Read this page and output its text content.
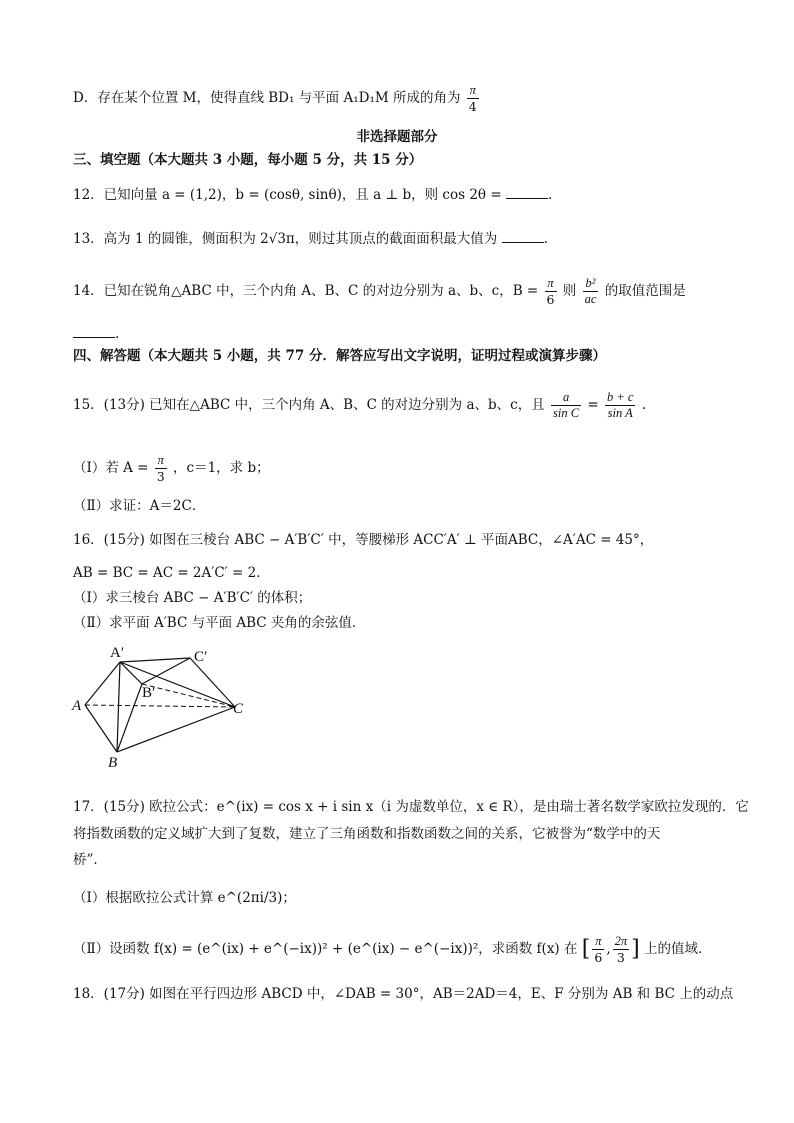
D．存在某个位置 M，使得直线 BD₁ 与平面 A₁D₁M 所成的角为 $\frac{\pi}{4}$
非选择题部分
三、填空题（本大题共 3 小题，每小题 5 分，共 15 分）
12．已知向量 a = (1,2)，b = (cosθ, sinθ)，且 a ⊥ b，则 cos 2θ =	.
13．高为 1 的圆锥，侧面积为 2√3π，则过其顶点的截面面积最大值为	.
14．已知在锐角△ABC 中，三个内角 A、B、C 的对边分别为 a、b、c，$B = \frac{\pi}{6}$ 则 $\frac{\text{b²}}{ac}$ 的取值范围是
.
四、解答题（本大题共 5 小题，共 77 分．解答应写出文字说明，证明过程或演算步骤）
15．(13分) 已知在△ABC 中，三个内角 A、B、C 的对边分别为 a、b、c，且 $\frac{a}{\text{sin C}} = \frac{b + c}{\text{sin A}}$ .
（Ⅰ）若 $A = \frac{\pi}{3}$ ，c＝1，求 b；
（Ⅱ）求证：A＝2C．
16．(15分) 如图在三棱台 ABC − A′B′C′ 中，等腰梯形 ACC′A′ ⊥ 平面ABC，∠A′AC = 45°，
AB = BC = AC = 2A′C′ = 2．
（Ⅰ）求三棱台 ABC − A′B′C′ 的体积；
（Ⅱ）求平面 A′BC 与平面 ABC 夹角的余弦值．
A′	C′
B′
A	C
B
17．(15分) 欧拉公式：e^(ix) = cos x + i sin x（i 为虚数单位，x ∈ R），是由瑞士著名数学家欧拉发现的．它
将指数函数的定义域扩大到了复数，建立了三角函数和指数函数之间的关系，它被誉为“数学中的天
桥”．
（Ⅰ）根据欧拉公式计算 e^(2πi/3)；
（Ⅱ）设函数 f(x) = (e^(ix) + e^(−ix))² + (e^(ix) − e^(−ix))²，求函数 f(x) 在 [ $\frac{\pi}{6}$ , $\frac{2\pi}{3}$ ] 上的值域．
18．(17分) 如图在平行四边形 ABCD 中，∠DAB = 30°，AB＝2AD＝4，E、F 分别为 AB 和 BC 上的动点
